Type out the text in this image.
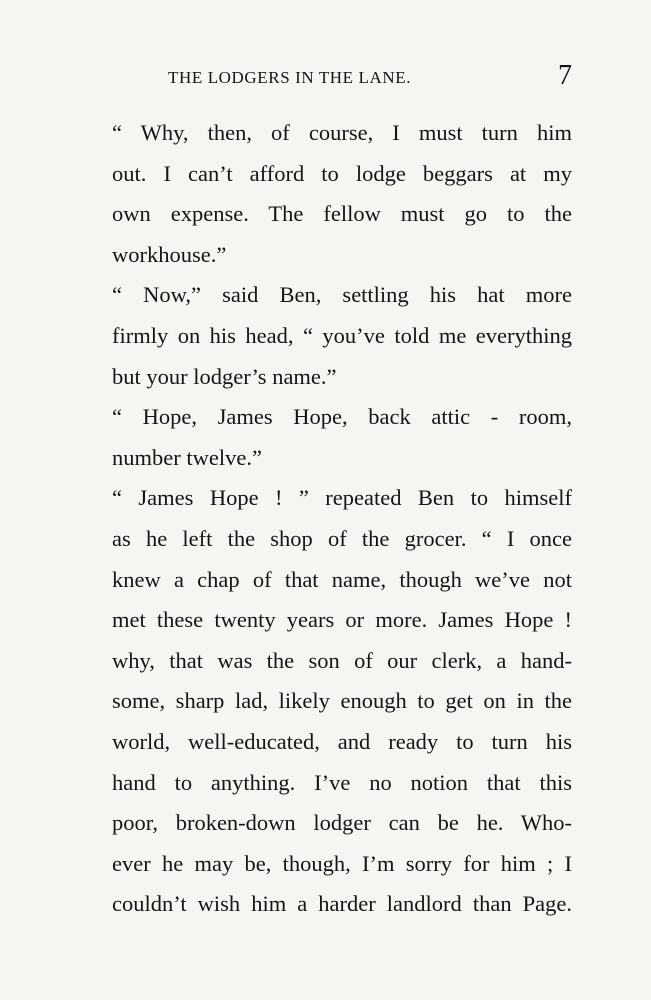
THE LODGERS IN THE LANE.	7
“ Why, then, of course, I must turn him
out. I can’t afford to lodge beggars at my
own expense. The fellow must go to the
workhouse.”
“ Now,” said Ben, settling his hat more
firmly on his head, “ you’ve told me everything
but your lodger’s name.”
“ Hope, James Hope, back attic - room,
number twelve.”
“ James Hope ! ” repeated Ben to himself
as he left the shop of the grocer. “ I once
knew a chap of that name, though we’ve not
met these twenty years or more. James Hope !
why, that was the son of our clerk, a hand-
some, sharp lad, likely enough to get on in the
world, well-educated, and ready to turn his
hand to anything. I’ve no notion that this
poor, broken-down lodger can be he. Who-
ever he may be, though, I’m sorry for him ; I
couldn’t wish him a harder landlord than Page.
